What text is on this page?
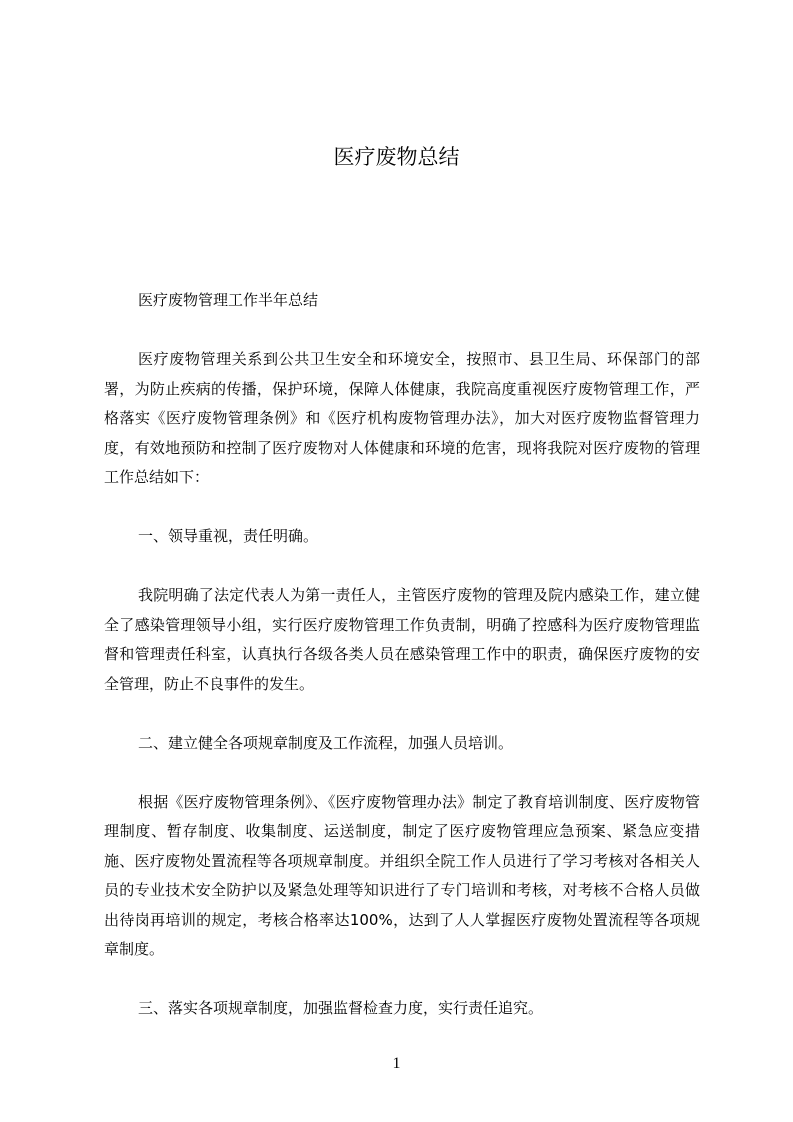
医疗废物总结

医疗废物管理工作半年总结

医疗废物管理关系到公共卫生安全和环境安全，按照市、县卫生局、环保部门的部署，为防止疾病的传播，保护环境，保障人体健康，我院高度重视医疗废物管理工作，严格落实《医疗废物管理条例》和《医疗机构废物管理办法》，加大对医疗废物监督管理力度，有效地预防和控制了医疗废物对人体健康和环境的危害，现将我院对医疗废物的管理工作总结如下：

一、领导重视，责任明确。

我院明确了法定代表人为第一责任人，主管医疗废物的管理及院内感染工作，建立健全了感染管理领导小组，实行医疗废物管理工作负责制，明确了控感科为医疗废物管理监督和管理责任科室，认真执行各级各类人员在感染管理工作中的职责，确保医疗废物的安全管理，防止不良事件的发生。

二、建立健全各项规章制度及工作流程，加强人员培训。

根据《医疗废物管理条例》、《医疗废物管理办法》制定了教育培训制度、医疗废物管理制度、暂存制度、收集制度、运送制度，制定了医疗废物管理应急预案、紧急应变措施、医疗废物处置流程等各项规章制度。并组织全院工作人员进行了学习考核对各相关人员的专业技术安全防护以及紧急处理等知识进行了专门培训和考核，对考核不合格人员做出待岗再培训的规定，考核合格率达100%，达到了人人掌握医疗废物处置流程等各项规章制度。

三、落实各项规章制度，加强监督检查力度，实行责任追究。

1
